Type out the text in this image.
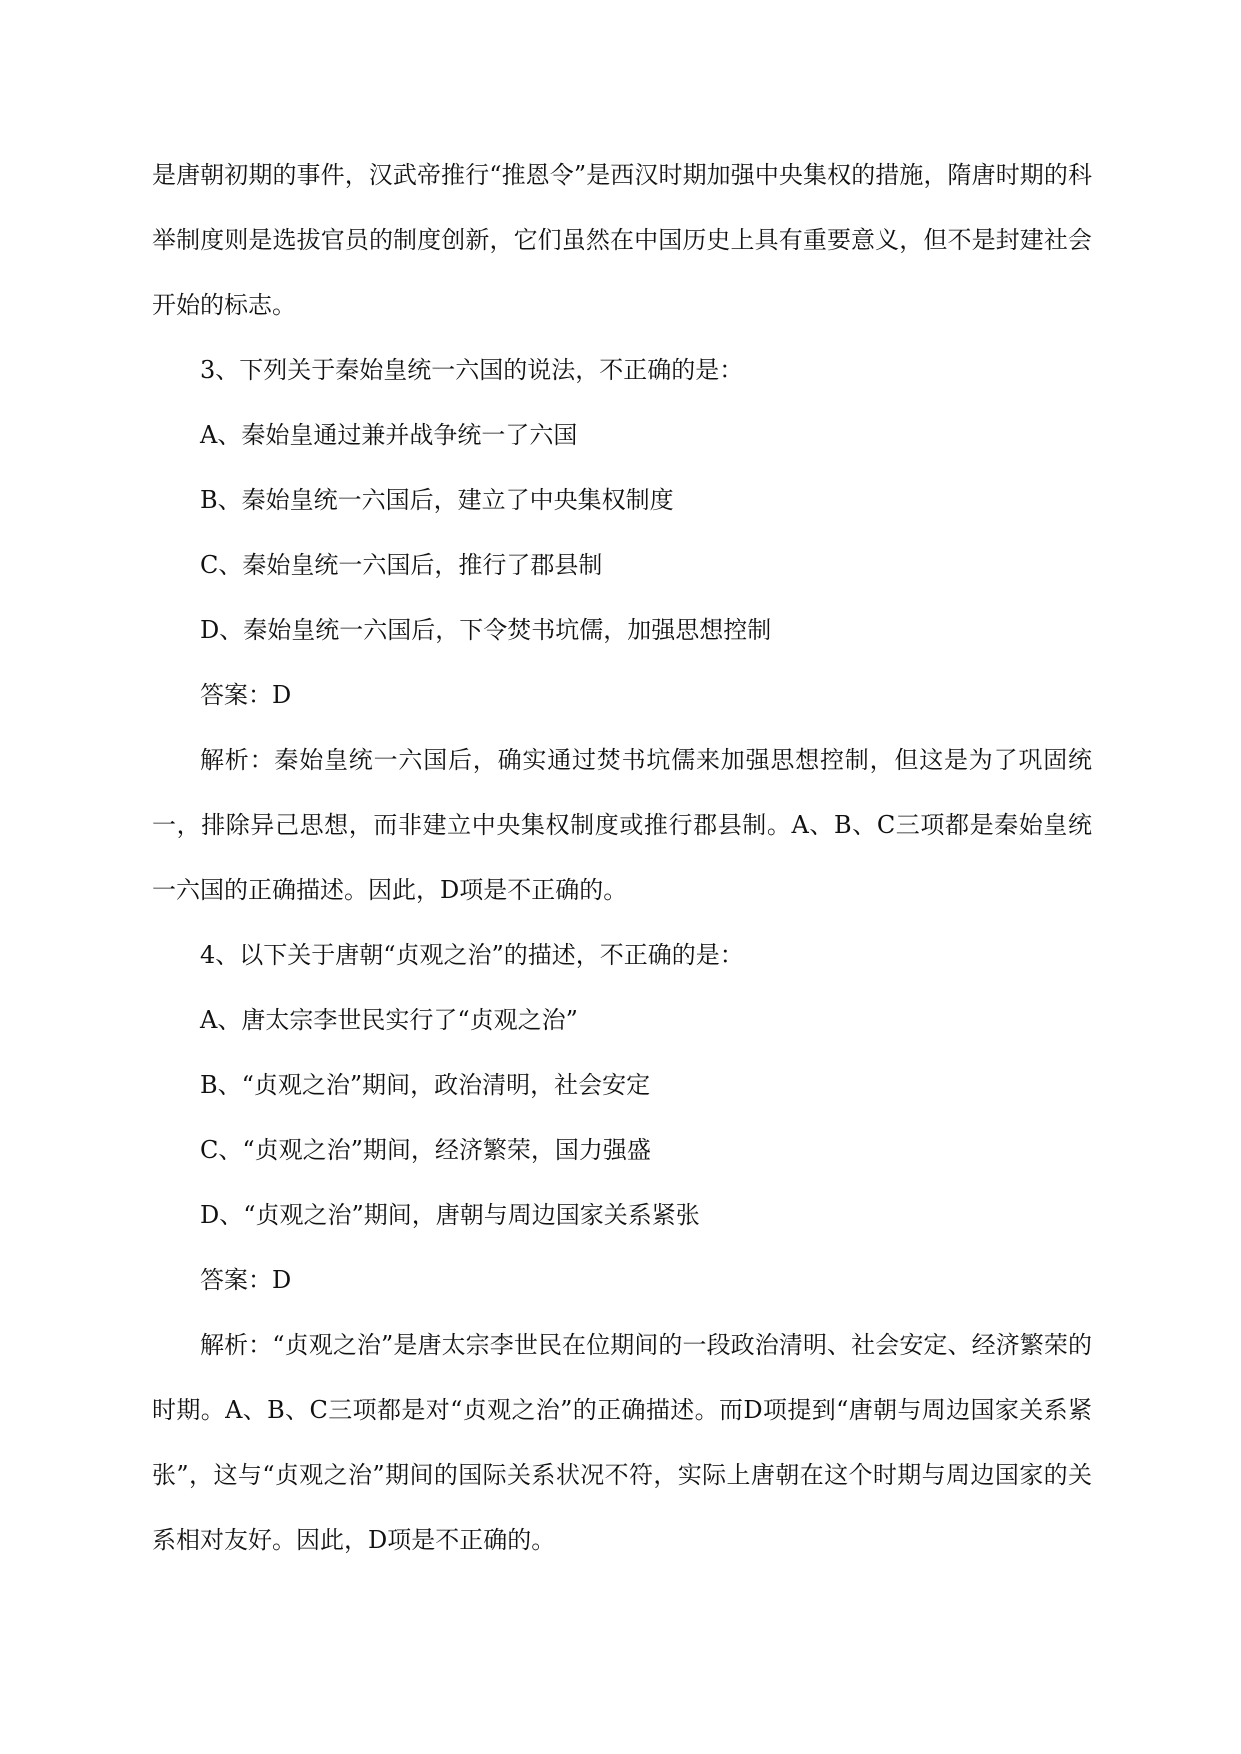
是唐朝初期的事件，汉武帝推行“推恩令”是西汉时期加强中央集权的措施，隋唐时期的科举制度则是选拔官员的制度创新，它们虽然在中国历史上具有重要意义，但不是封建社会开始的标志。

3、下列关于秦始皇统一六国的说法，不正确的是：

A、秦始皇通过兼并战争统一了六国

B、秦始皇统一六国后，建立了中央集权制度

C、秦始皇统一六国后，推行了郡县制

D、秦始皇统一六国后，下令焚书坑儒，加强思想控制

答案：D

解析：秦始皇统一六国后，确实通过焚书坑儒来加强思想控制，但这是为了巩固统一，排除异己思想，而非建立中央集权制度或推行郡县制。A、B、C三项都是秦始皇统一六国的正确描述。因此，D项是不正确的。

4、以下关于唐朝“贞观之治”的描述，不正确的是：

A、唐太宗李世民实行了“贞观之治”

B、“贞观之治”期间，政治清明，社会安定

C、“贞观之治”期间，经济繁荣，国力强盛

D、“贞观之治”期间，唐朝与周边国家关系紧张

答案：D

解析：“贞观之治”是唐太宗李世民在位期间的一段政治清明、社会安定、经济繁荣的时期。A、B、C三项都是对“贞观之治”的正确描述。而D项提到“唐朝与周边国家关系紧张”，这与“贞观之治”期间的国际关系状况不符，实际上唐朝在这个时期与周边国家的关系相对友好。因此，D项是不正确的。
